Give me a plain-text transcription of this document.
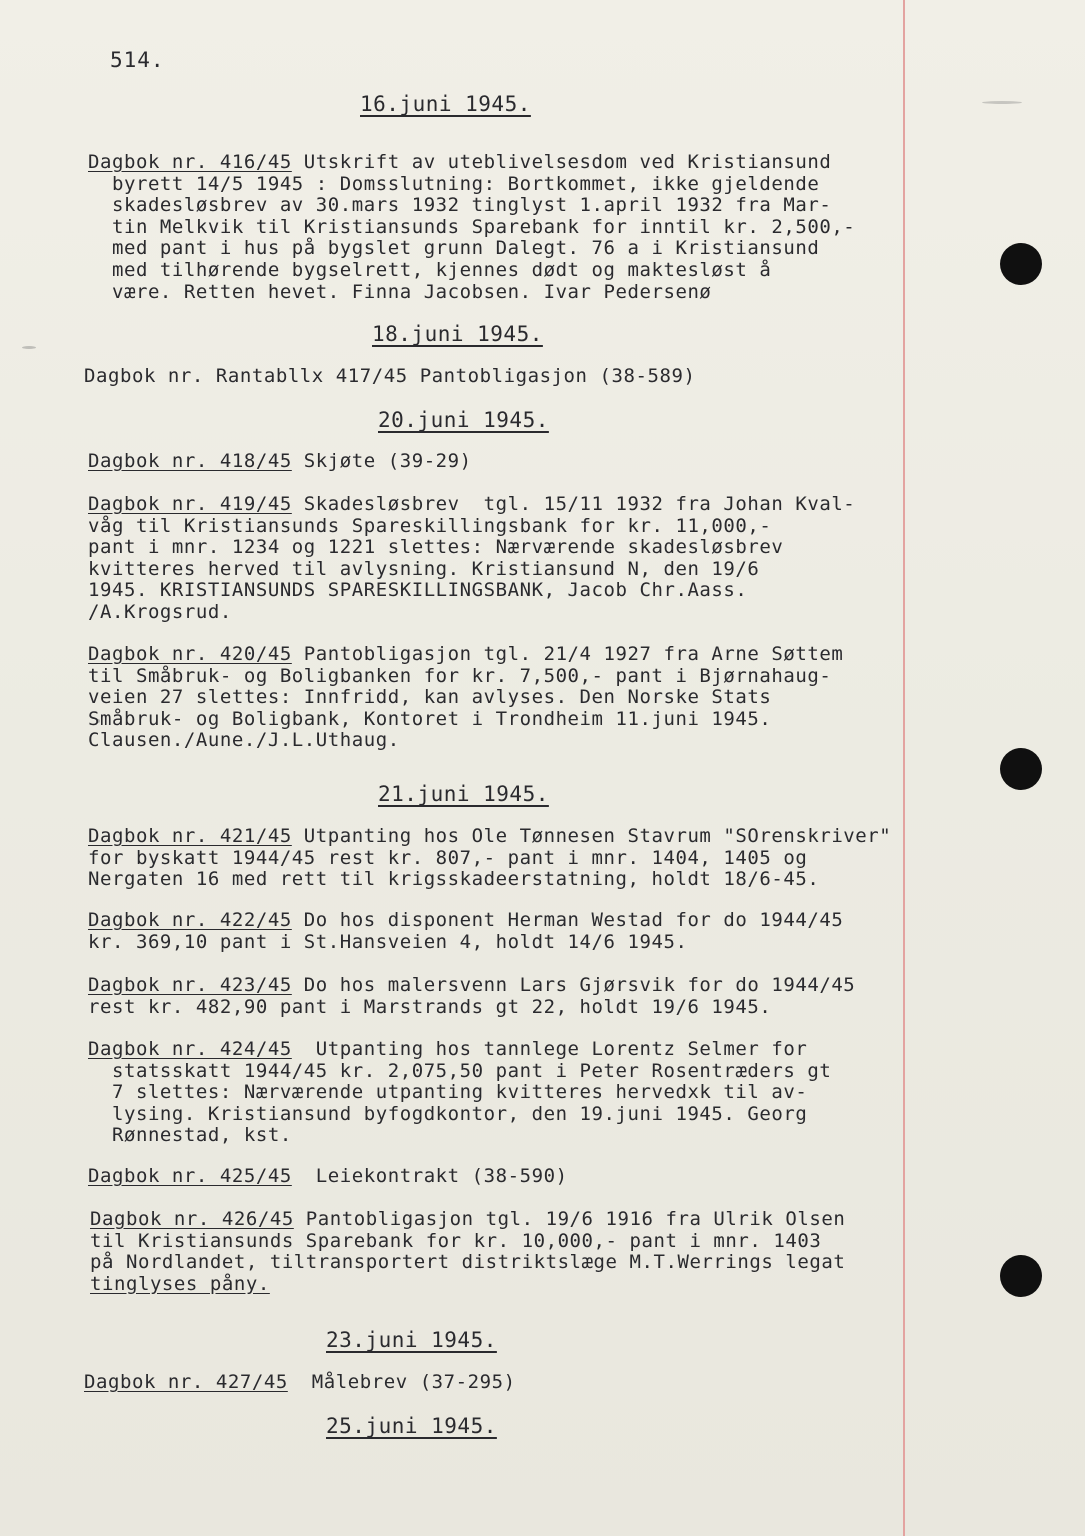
514.
16.juni 1945.
Dagbok nr. 416/45 Utskrift av uteblivelsesdom ved Kristiansund
byrett 14/5 1945 : Domsslutning: Bortkommet, ikke gjeldende
skadesløsbrev av 30.mars 1932 tinglyst 1.april 1932 fra Mar-
tin Melkvik til Kristiansunds Sparebank for inntil kr. 2,500,-
med pant i hus på bygslet grunn Dalegt. 76 a i Kristiansund
med tilhørende bygselrett, kjennes dødt og maktesløst å
være. Retten hevet. Finna Jacobsen. Ivar Pedersenø
18.juni 1945.
Dagbok nr. Rantabllx 417/45 Pantobligasjon (38-589)
20.juni 1945.
Dagbok nr. 418/45 Skjøte (39-29)
Dagbok nr. 419/45 Skadesløsbrev  tgl. 15/11 1932 fra Johan Kval-
våg til Kristiansunds Spareskillingsbank for kr. 11,000,-
pant i mnr. 1234 og 1221 slettes: Nærværende skadesløsbrev
kvitteres herved til avlysning. Kristiansund N, den 19/6
1945. KRISTIANSUNDS SPARESKILLINGSBANK, Jacob Chr.Aass.
/A.Krogsrud.
Dagbok nr. 420/45 Pantobligasjon tgl. 21/4 1927 fra Arne Søttem
til Småbruk- og Boligbanken for kr. 7,500,- pant i Bjørnahaug-
veien 27 slettes: Innfridd, kan avlyses. Den Norske Stats
Småbruk- og Boligbank, Kontoret i Trondheim 11.juni 1945.
Clausen./Aune./J.L.Uthaug.
21.juni 1945.
Dagbok nr. 421/45 Utpanting hos Ole Tønnesen Stavrum "SOrenskriver"
for byskatt 1944/45 rest kr. 807,- pant i mnr. 1404, 1405 og
Nergaten 16 med rett til krigsskadeerstatning, holdt 18/6-45.
Dagbok nr. 422/45 Do hos disponent Herman Westad for do 1944/45
kr. 369,10 pant i St.Hansveien 4, holdt 14/6 1945.
Dagbok nr. 423/45 Do hos malersvenn Lars Gjørsvik for do 1944/45
rest kr. 482,90 pant i Marstrands gt 22, holdt 19/6 1945.
Dagbok nr. 424/45  Utpanting hos tannlege Lorentz Selmer for
statsskatt 1944/45 kr. 2,075,50 pant i Peter Rosentræders gt
7 slettes: Nærværende utpanting kvitteres hervedxk til av-
lysing. Kristiansund byfogdkontor, den 19.juni 1945. Georg
Rønnestad, kst.
Dagbok nr. 425/45  Leiekontrakt (38-590)
Dagbok nr. 426/45 Pantobligasjon tgl. 19/6 1916 fra Ulrik Olsen
til Kristiansunds Sparebank for kr. 10,000,- pant i mnr. 1403
på Nordlandet, tiltransportert distriktslæge M.T.Werrings legat
tinglyses påny.
23.juni 1945.
Dagbok nr. 427/45  Målebrev (37-295)
25.juni 1945.
